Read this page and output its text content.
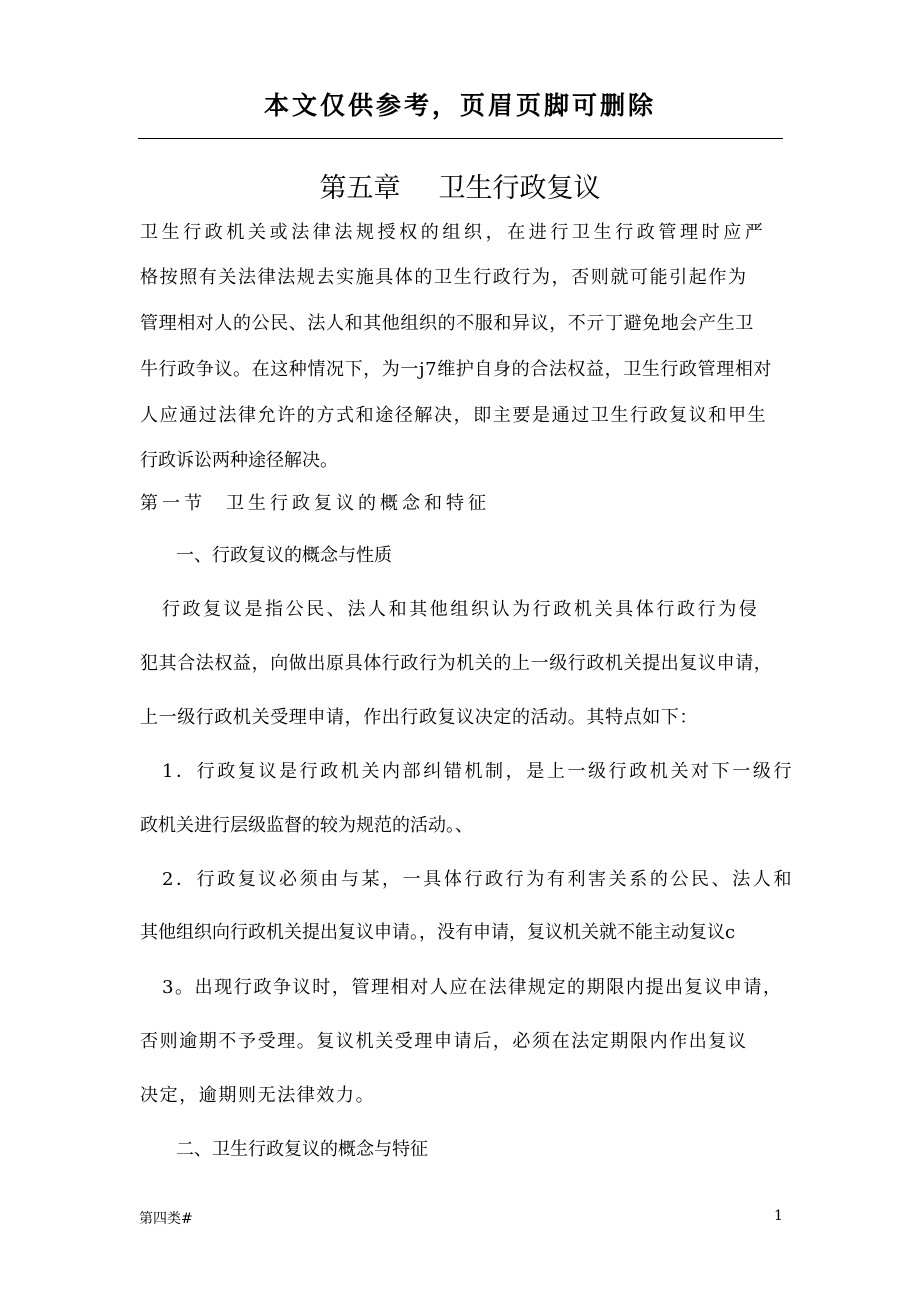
本文仅供参考，页眉页脚可删除
第五章 卫生行政复议
卫生行政机关或法律法规授权的组织，在进行卫生行政管理时应严
格按照有关法律法规去实施具体的卫生行政行为，否则就可能引起作为
管理相对人的公民、法人和其他组织的不服和异议，不亓丁避免地会产生卫
牛行政争议。在这种情况下，为一j7维护自身的合法权益，卫生行政管理相对
人应通过法律允许的方式和途径解决，即主要是通过卫生行政复议和甲生
行政诉讼两种途径解决。
第一节 卫生行政复议的概念和特征
一、行政复议的概念与性质
行政复议是指公民、法人和其他组织认为行政机关具体行政行为侵
犯其合法权益，向做出原具体行政行为机关的上一级行政机关提出复议申请，
上一级行政机关受理申请，作出行政复议决定的活动。其特点如下：
1．行政复议是行政机关内部纠错机制，是上一级行政机关对下一级行
政机关进行层级监督的较为规范的活动。、
2．行政复议必须由与某，一具体行政行为有利害关系的公民、法人和
其他组织向行政机关提出复议申请。，没有申请，复议机关就不能主动复议c
3。出现行政争议时，管理相对人应在法律规定的期限内提出复议申请，
否则逾期不予受理。复议机关受理申请后，必须在法定期限内作出复议
决定，逾期则无法律效力。
二、卫生行政复议的概念与特征
第四类#	1
